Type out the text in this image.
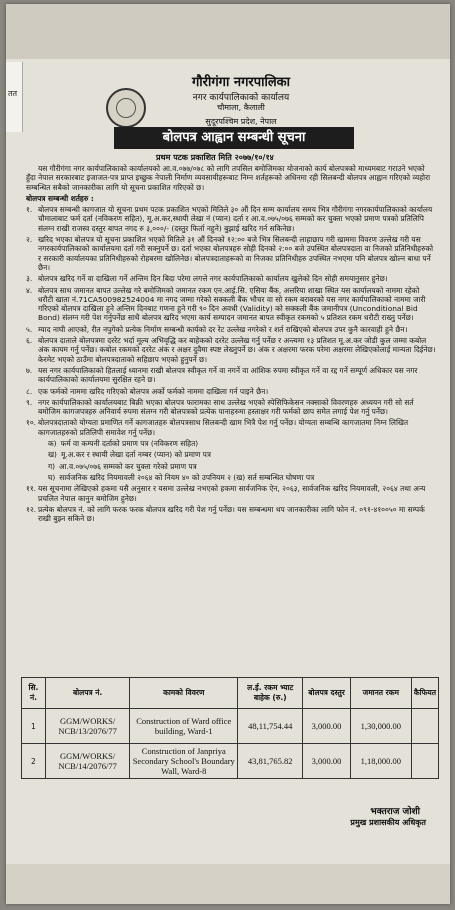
तत
गौरीगंगा नगरपालिका
नगर कार्यपालिकाको कार्यालय
चौमाला, कैलाली
सुदूरपश्चिम प्रदेश, नेपाल
बोलपत्र आह्वान सम्बन्धी सूचना
प्रथम पटक प्रकाशित मिति २०७७/१०/१४

यस गौरीगंगा नगर कार्यपालिकाको कार्यालयको आ.व.०७७/०७८ को लागि तपसिल बमोजिमका योजनाको कार्य बोलपत्रको माध्यमबाट गराउने भएको हुँदा नेपाल सरकारबाट इजाजत-पत्र प्राप्त इच्छुक नेपाली निर्माण व्यवसायीहरूबाट निम्न शर्तहरूको अधिनमा रही सिलबन्दी बोलपत्र आह्वान गरिएको व्यहोरा सम्बन्धित सबैको जानकारीका लागि यो सूचना प्रकाशित गरिएको छ।

बोलपत्र सम्बन्धी शर्तहरु :

१. बोलपत्र सम्बन्धी कागजात यो सूचना प्रथम पटक प्रकाशित भएको मितिले ३० औं दिन सम्म कार्यालय समय भित्र गौरीगंगा नगरकार्यपालिकाको कार्यालय चौमालाबाट फर्म दर्ता (नविकरण सहित), मू.अ.कर,स्थायी लेखा नं (प्यान) दर्ता र आ.व.०७५/०७६ सम्मको कर चुक्ता भएको प्रमाण पत्रको प्रतिलिपि संलग्न राखी राजस्व दस्तुर बापत नगद रु ३,०००/- (दस्तुर फिर्ता नहुने) बुझाई खरिद गर्न सकिनेछ।

२. खरिद भएका बोलपत्र यो सूचना प्रकाशित भएको मितिले ३१ औं दिनको १२:०० बजे भित्र सिलबन्दी लाहाछाप गरी खाममा विवरण उल्लेख गरी यस नगरकार्यपालिकाको कार्यालयमा दर्ता गरी सक्नुपर्ने छ। दर्ता भएका बोलपत्रहरु सोही दिनको २:०० बजे उपस्थित बोलपत्रदाता वा निजको प्रतिनिधीहरुको र सरकारी कार्यालयका प्रतिनिधीहरुको रोहबरमा खोलिनेछ। बोलपत्रदाताहरूको वा निजका प्रतिनिधीहरु उपस्थित नभएमा पनि बोलपत्र खोल्न बाधा पर्ने छैन।

३. बोलपत्र खरिद गर्ने वा दाखिला गर्ने अन्तिम दिन बिदा परेमा लगत्ते नगर कार्यपालिकाको कार्यालय खुलेको दिन सोही समयानुसार हुनेछ।

४. बोलपत्र साथ जमानत बापत उल्लेख गरे बमोजिमको जमानत रकम एन.आई.सि. एसिया बैंक, अत्तरिया शाखा स्थित यस कार्यालयको नाममा रहेको धरौटी खाता नं.71CA500982524004 मा नगद जम्मा गरेको सक्कली बैंक भौचर वा सो रकम बराबरको यस नगर कार्यपालिकाको नाममा जारी गरिएको बोलपत्र दाखिला हुने अन्तिम दिनबाट गणना हुने गरी ९० दिन अवधी (Validity) को सक्कली बैंक जमानीपत्र (Unconditional Bid Bond) संलग्न गरी पेश गर्नुपर्नेछ साथै बोलपत्र खरिद भएमा कार्य सम्पादन जमानत बापत स्वीकृत रकमको ५ प्रतिशत रकम धरौटी राख्नु पर्नेछ।

५. म्याद नाघी आएको, रीत नपुगेको प्रत्येक निर्माण सम्बन्धी कार्यको दर रेट उल्लेख नगरेको र शर्त राखिएको बोलपत्र उपर कुनै कारवाही हुने छैन।

६. बोलपत्र दाताले बोलपत्रमा दररेट भर्दा मूल्य अभिवृद्धि कर बाहेकको दररेट उल्लेख गर्नु पर्नेछ र अन्त्यमा १३ प्रतिशत मू.अ.कर जोडी कुल जम्मा कबोल अंक कायम गर्नु पर्नेछ। कबोल रकमको दररेट अंक र अक्षर दुवैमा स्पष्ट लेख्नुपर्ने छ। अंक र अक्षरमा फरक परेमा अक्षरमा लेखिएकोलाई मान्यता दिईनेछ। केरमेट भएको ठाउँमा बोलपत्रदाताको सहिछाप भएको हुनुपर्ने छ।

७. यस नगर कार्यपालिकाको हितलाई ध्यानमा राखी बोलपत्र स्वीकृत गर्ने वा नगर्ने वा आंशिक रुपमा स्वीकृत गर्ने वा रद्द गर्ने सम्पूर्ण अधिकार यस नगर कार्यपालिकाको कार्यालयमा सुरक्षित रहने छ।

८. एक फर्मको नाममा खरिद गरिएको बोलपत्र अर्को फर्मको नाममा दाखिला गर्न पाइने छैन।

९. नगर कार्यपालिकाको कार्यालयबाट बिक्री भएका बोलपत्र फारामका साथ उल्लेख भएको स्पेसिफिकेसन नक्साको विवरणहरु अध्ययन गरी सो सर्त बमोजिम कागजपत्रहरु अनिवार्य रुपमा संलग्न गरी बोलपत्रको प्रत्येक पानाहरुमा हस्ताक्षर गरी फर्मको छाप समेत लगाई पेश गर्नु पर्नेछ।

१०. बोलपत्रदाताको योग्यता प्रमाणित गर्ने कागजातहरु बोलपत्रसाथ सिलबन्दी खाम भित्रै पेश गर्नु पर्नेछ। योग्यता सम्बन्धि कागजातमा निम्न लिखित कागजातहरुको प्रतिलिपी समावेश गर्नु पर्नेछ।

क) फर्म वा कम्पनी दर्ताको प्रमाण पत्र (नविकरण सहित)

ख) मू.अ.कर र स्थायी लेखा दर्ता नम्बर (प्यान) को प्रमाण पत्र

ग) आ.व.०७५/०७६ सम्मको कर चुक्ता गरेको प्रमाण पत्र

घ) सार्वजनिक खरिद नियमावली २०६४ को नियम ४० को उपनियम २ (ख) सर्त सम्बन्धित घोषणा पत्र

११. यस सूचनामा लेखिएको हकमा यसै अनुसार र यसमा उल्लेख नभएको हकमा सार्वजनिक ऐन, २०६३, सार्वजनिक खरिद नियमावली, २०६४ तथा अन्य प्रचलित नेपाल कानुन बमोजिम हुनेछ।

१२. प्रत्येक बोलपत्र नं. को लागि फरक फरक बोलपत्र खरिद गरी पेश गर्नु पर्नेछ। यस सम्बन्धमा थप जानकारीका लागि फोन नं. ०९१-४१००५० मा सम्पर्क राखी बुझ्न सकिने छ।

सि. नं.	बोलपत्र नं.	कामको विवरण	ल.ई. रकम भ्याट बाहेक (रु.)	बोलपत्र दस्तुर	जमानत रकम	कैफियत
1	GGM/WORKS/ NCB/13/2076/77	Construction of Ward office building, Ward-1	48,11,754.44	3,000.00	1,30,000.00	
2	GGM/WORKS/ NCB/14/2076/77	Construction of Janpriya Secondary School's Boundary Wall, Ward-8	43,81,765.82	3,000.00	1,18,000.00	
भक्तराज जोशी
प्रमुख प्रशासकीय अधिकृत
